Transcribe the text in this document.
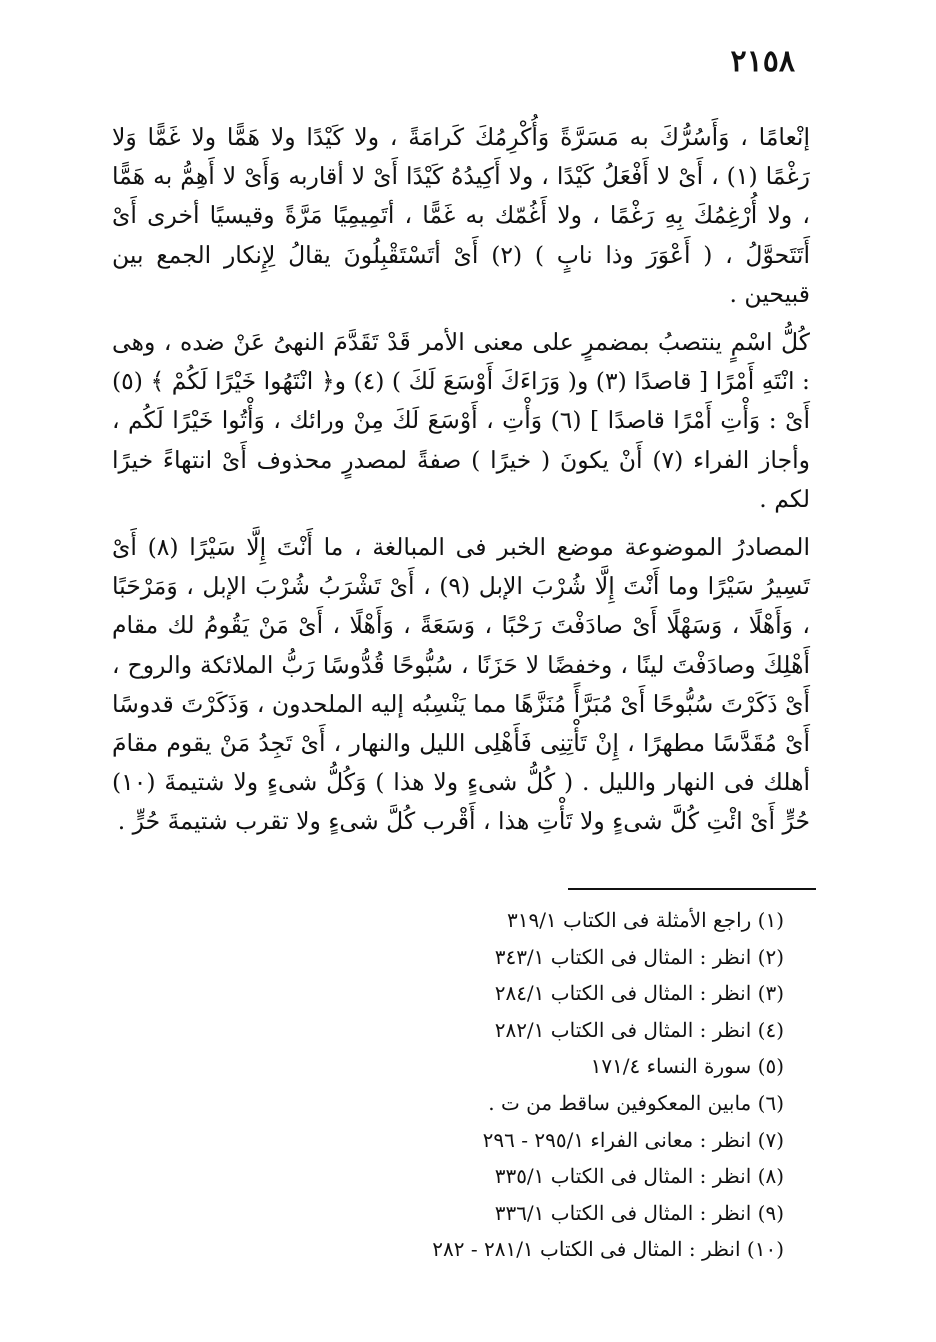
٢١٥٨

إنْعامًا ، وَأَسُرُّكَ به مَسَرَّةً وَأُكْرِمُكَ كَرامَةً ، ولا كَيْدًا ولا هَمًّا ولا غَمًّا وَلا رَغْمًا (١) ، أَىْ لا أَفْعَلُ كَيْدًا ، ولا أَكِيدُهُ كَيْدًا أَىْ لا أقاربه وَأَىْ لا أَهِمُّ به هَمًّا ، ولا أُرْغِمُكَ بِهِ رَغْمًا ، ولا أَغُمّك به غَمًّا ، أتَمِيمِيًا مَرَّةً وقيسيًا أخرى أَىْ أَتَتَحوَّلُ ، ( أَعْوَرَ وذا نابٍ ) (٢) أَىْ أتَسْتَقْبِلُونَ يقالُ لِإِنكار الجمع بين قبيحين .

كُلُّ اسْمٍ ينتصبُ بمضمرٍ على معنى الأمر قَدْ تَقَدَّمَ النهىُ عَنْ ضده ، وهى : انْتَهِ أَمْرًا [ قاصدًا (٣) و( وَرَاءَكَ أَوْسَعَ لَكَ ) (٤) و﴿ انْتَهُوا خَيْرًا لَكُمْ ﴾ (٥) أَىْ : وَأْتِ أَمْرًا قاصدًا ] (٦) وَأْتِ ، أَوْسَعَ لَكَ مِنْ ورائك ، وَأْتُوا خَيْرًا لَكُم ، وأجاز الفراء (٧) أَنْ يكونَ ( خيرًا ) صفةً لمصدرٍ محذوف أَىْ انتهاءً خيرًا لكم .

المصادرُ الموضوعة موضع الخبر فى المبالغة ، ما أَنْتَ إِلَّا سَيْرًا (٨) أَىْ تَسِيرُ سَيْرًا وما أَنْتَ إِلَّا شُرْبَ الإبل (٩) ، أَىْ تَشْرَبُ شُرْبَ الإبل ، وَمَرْحَبًا ، وَأَهْلًا ، وَسَهْلًا أَىْ صادَفْتَ رَحْبًا ، وَسَعَةً ، وَأَهْلًا ، أَىْ مَنْ يَقُومُ لك مقام أَهْلِكَ وصادَفْتَ لينًا ، وخفضًا لا حَزَنًا ، سُبُّوحًا قُدُّوسًا رَبُّ الملائكة والروح ، أَىْ ذَكَرْتَ سُبُّوحًا أَىْ مُبَرَّأً مُنَزَّهًا مما يَنْسِبُه إليه الملحدون ، وَذَكَرْتَ قدوسًا أَىْ مُقَدَّسًا مطهرًا ، إِنْ تَأْتِنِى فَأَهْلِى الليل والنهار ، أَىْ تَجِدُ مَنْ يقوم مقامَ أهلك فى النهار والليل . ( كُلُّ شىءٍ ولا هذا ) وَكُلُّ شىءٍ ولا شتيمةَ (١٠) حُرٍّ أَىْ ائْتِ كُلَّ شىءٍ ولا تَأْتِ هذا ، أَقْرب كُلَّ شىءٍ ولا تقرب شتيمةَ حُرٍّ .

(١) راجع الأمثلة فى الكتاب ٣١٩/١
(٢) انظر : المثال فى الكتاب ٣٤٣/١
(٣) انظر : المثال فى الكتاب ٢٨٤/١
(٤) انظر : المثال فى الكتاب ٢٨٢/١
(٥) سورة النساء ١٧١/٤
(٦) مابين المعكوفين ساقط من ت .
(٧) انظر : معانى الفراء ٢٩٥/١ - ٢٩٦
(٨) انظر : المثال فى الكتاب ٣٣٥/١
(٩) انظر : المثال فى الكتاب ٣٣٦/١
(١٠) انظر : المثال فى الكتاب ٢٨١/١ - ٢٨٢
